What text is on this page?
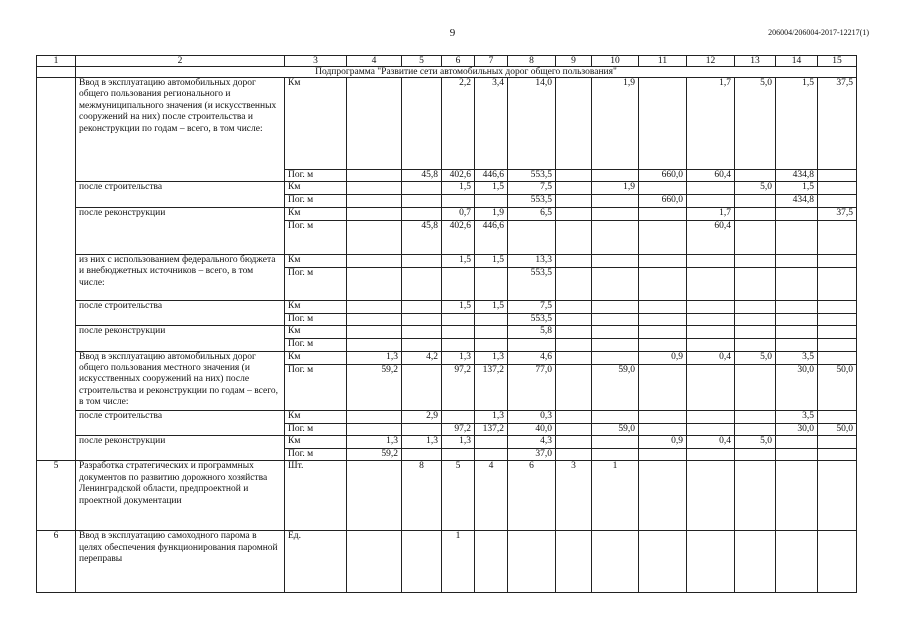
9	206004/206004-2017-12217(1)
1	2	3	4	5	6	7	8	9	10	11	12	13	14	15
	Подпрограмма "Развитие сети автомобильных дорог общего пользования"													
	Ввод в эксплуатацию автомобильных дорог общего пользования регионального и межмуниципального значения (и искусственных сооружений на них) после строительства и реконструкции по годам – всего, в том числе:	Км			2,2	3,4	14,0		1,9		1,7	5,0	1,5	37,5
		Пог. м		45,8	402,6	446,6	553,5			660,0	60,4		434,8	
	после строительства	Км			1,5	1,5	7,5		1,9			5,0	1,5	
		Пог. м					553,5			660,0			434,8	
	после реконструкции	Км			0,7	1,9	6,5				1,7			37,5
		Пог. м		45,8	402,6	446,6					60,4			
	из них с использованием федерального бюджета и внебюджетных источников – всего, в том числе:	Км			1,5	1,5	13,3							
		Пог. м					553,5							
	после строительства	Км			1,5	1,5	7,5							
		Пог. м					553,5							
	после реконструкции	Км					5,8							
		Пог. м												
	Ввод в эксплуатацию автомобильных дорог общего пользования местного значения (и искусственных сооружений на них) после строительства и реконструкции по годам – всего, в том числе:	Км	1,3	4,2	1,3	1,3	4,6			0,9	0,4	5,0	3,5	
		Пог. м	59,2		97,2	137,2	77,0		59,0				30,0	50,0
	после строительства	Км		2,9		1,3	0,3						3,5	
		Пог. м			97,2	137,2	40,0		59,0				30,0	50,0
	после реконструкции	Км	1,3	1,3	1,3		4,3			0,9	0,4	5,0		
		Пог. м	59,2				37,0							
5	Разработка стратегических и программных документов по развитию дорожного хозяйства Ленинградской области, предпроектной и проектной документации	Шт.		8	5	4	6	3	1					
6	Ввод в эксплуатацию самоходного парома в целях обеспечения функционирования паромной переправы	Ед.			1									
